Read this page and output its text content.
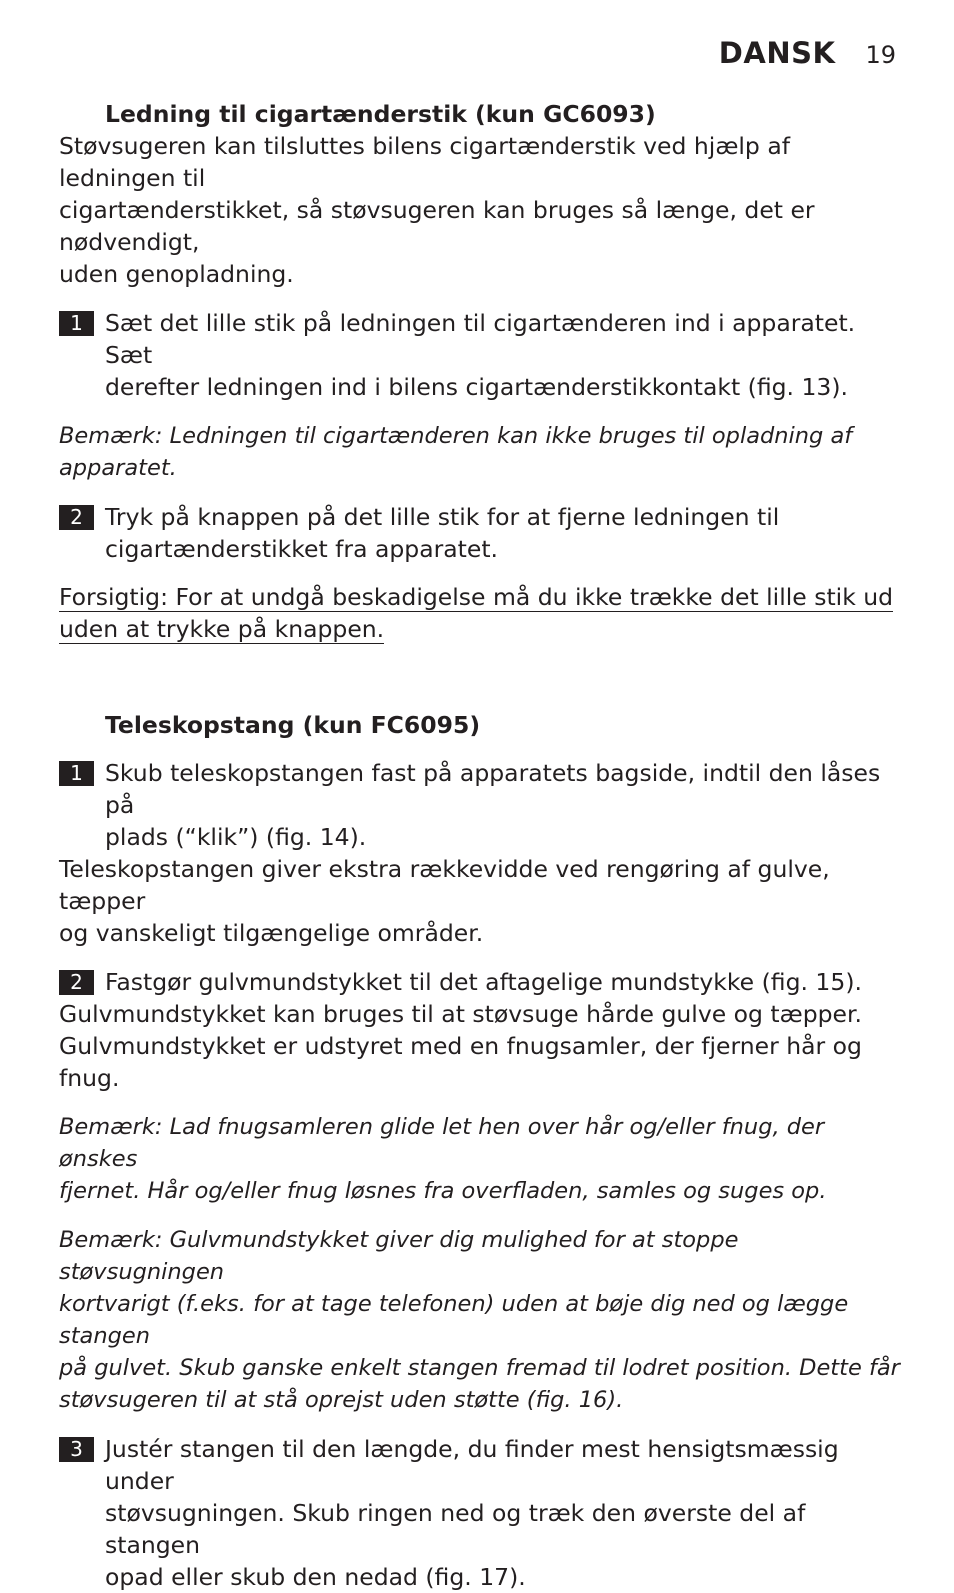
DANSK 19
Ledning til cigartænderstik (kun GC6093)
Støvsugeren kan tilsluttes bilens cigartænderstik ved hjælp af ledningen til
cigartænderstikket, så støvsugeren kan bruges så længe, det er nødvendigt,
uden genopladning.
1 Sæt det lille stik på ledningen til cigartænderen ind i apparatet. Sæt
derefter ledningen ind i bilens cigartænderstikkontakt (fig. 13).
Bemærk: Ledningen til cigartænderen kan ikke bruges til opladning af
apparatet.
2 Tryk på knappen på det lille stik for at fjerne ledningen til
cigartænderstikket fra apparatet.
Forsigtig: For at undgå beskadigelse må du ikke trække det lille stik ud
uden at trykke på knappen.
Teleskopstang (kun FC6095)
1 Skub teleskopstangen fast på apparatets bagside, indtil den låses på
plads (“klik”) (fig. 14).
Teleskopstangen giver ekstra rækkevidde ved rengøring af gulve, tæpper
og vanskeligt tilgængelige områder.
2 Fastgør gulvmundstykket til det aftagelige mundstykke (fig. 15).
Gulvmundstykket kan bruges til at støvsuge hårde gulve og tæpper.
Gulvmundstykket er udstyret med en fnugsamler, der fjerner hår og fnug.
Bemærk: Lad fnugsamleren glide let hen over hår og/eller fnug, der ønskes
fjernet. Hår og/eller fnug løsnes fra overfladen, samles og suges op.
Bemærk: Gulvmundstykket giver dig mulighed for at stoppe støvsugningen
kortvarigt (f.eks. for at tage telefonen) uden at bøje dig ned og lægge stangen
på gulvet. Skub ganske enkelt stangen fremad til lodret position. Dette får
støvsugeren til at stå oprejst uden støtte (fig. 16).
3 Justér stangen til den længde, du finder mest hensigtsmæssig under
støvsugningen. Skub ringen ned og træk den øverste del af stangen
opad eller skub den nedad (fig. 17).
